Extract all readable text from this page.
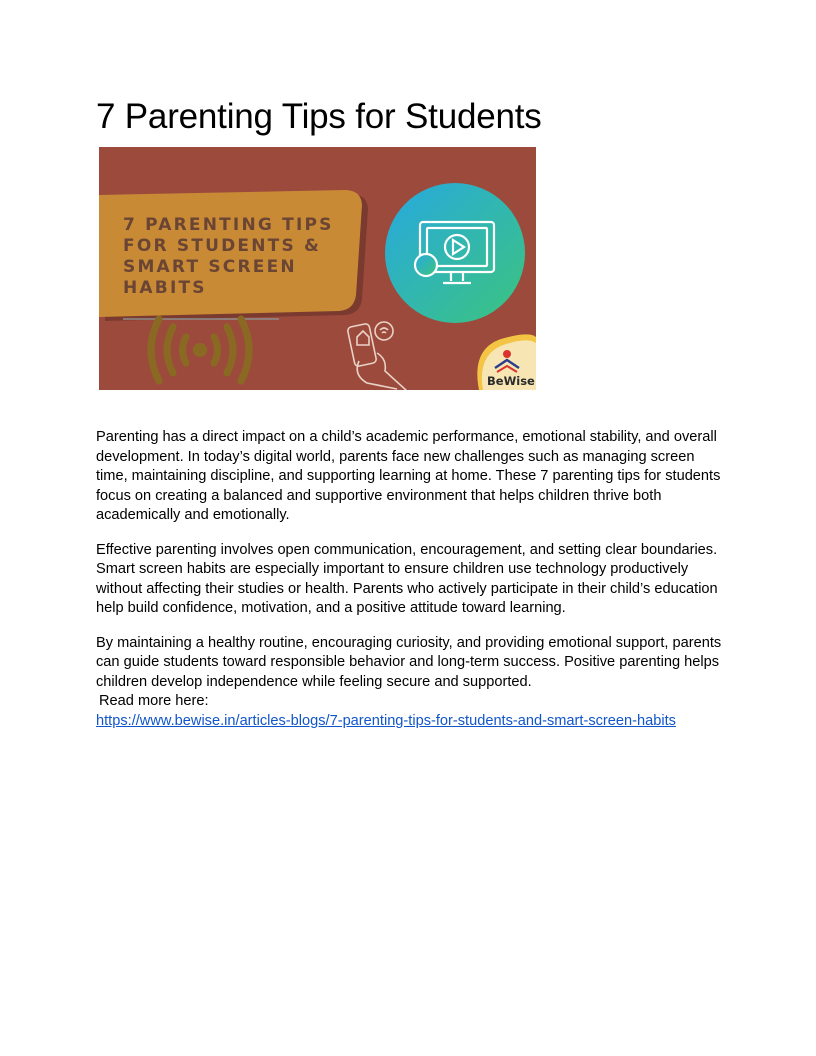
7 Parenting Tips for Students
7 PARENTING TIPS
FOR STUDENTS &
SMART SCREEN
HABITS
BeWise

Parenting has a direct impact on a child’s academic performance, emotional stability, and overall development. In today’s digital world, parents face new challenges such as managing screen time, maintaining discipline, and supporting learning at home. These 7 parenting tips for students focus on creating a balanced and supportive environment that helps children thrive both academically and emotionally.

Effective parenting involves open communication, encouragement, and setting clear boundaries. Smart screen habits are especially important to ensure children use technology productively without affecting their studies or health. Parents who actively participate in their child’s education help build confidence, motivation, and a positive attitude toward learning.

By maintaining a healthy routine, encouraging curiosity, and providing emotional support, parents can guide students toward responsible behavior and long-term success. Positive parenting helps children develop independence while feeling secure and supported.
Read more here:
https://www.bewise.in/articles-blogs/7-parenting-tips-for-students-and-smart-screen-habits
